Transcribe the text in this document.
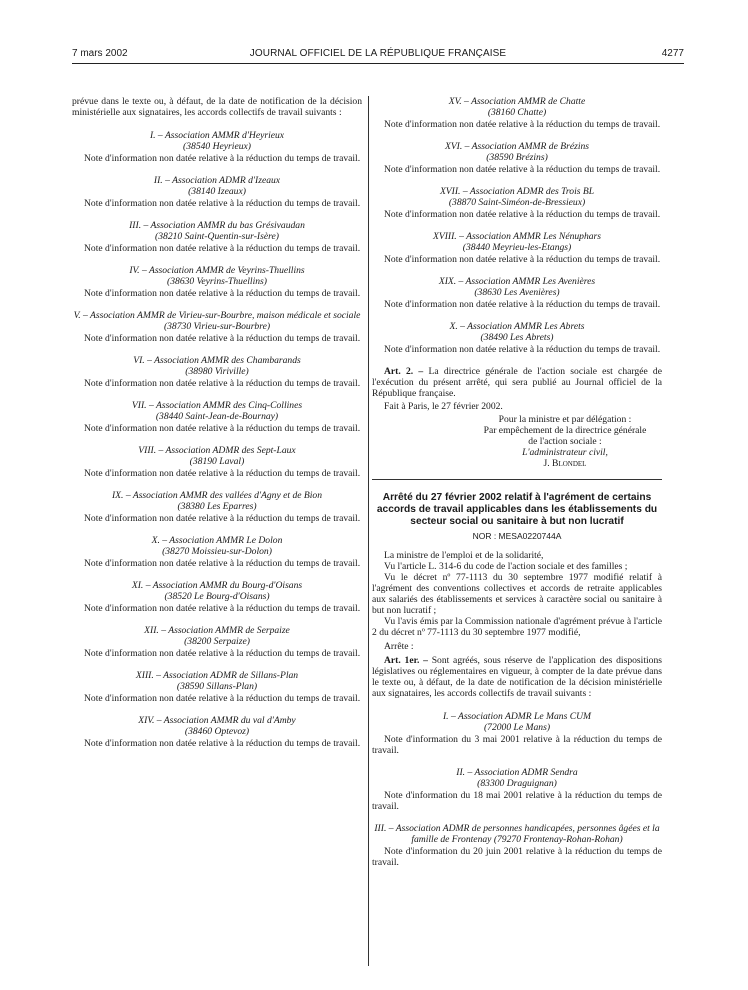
7 mars 2002	JOURNAL OFFICIEL DE LA RÉPUBLIQUE FRANÇAISE	4277

prévue dans le texte ou, à défaut, de la date de notification de la décision ministérielle aux signataires, les accords collectifs de travail suivants :

I. – Association AMMR d'Heyrieux
(38540 Heyrieux)

Note d'information non datée relative à la réduction du temps de travail.

II. – Association ADMR d'Izeaux
(38140 Izeaux)

Note d'information non datée relative à la réduction du temps de travail.

III. – Association AMMR du bas Grésivaudan
(38210 Saint-Quentin-sur-Isère)

Note d'information non datée relative à la réduction du temps de travail.

IV. – Association AMMR de Veyrins-Thuellins
(38630 Veyrins-Thuellins)

Note d'information non datée relative à la réduction du temps de travail.

V. – Association AMMR de Virieu-sur-Bourbre, maison médicale et sociale (38730 Virieu-sur-Bourbre)

Note d'information non datée relative à la réduction du temps de travail.

VI. – Association AMMR des Chambarands
(38980 Viriville)

Note d'information non datée relative à la réduction du temps de travail.

VII. – Association AMMR des Cinq-Collines
(38440 Saint-Jean-de-Bournay)

Note d'information non datée relative à la réduction du temps de travail.

VIII. – Association ADMR des Sept-Laux
(38190 Laval)

Note d'information non datée relative à la réduction du temps de travail.

IX. – Association AMMR des vallées d'Agny et de Bion
(38380 Les Eparres)

Note d'information non datée relative à la réduction du temps de travail.

X. – Association AMMR Le Dolon
(38270 Moissieu-sur-Dolon)

Note d'information non datée relative à la réduction du temps de travail.

XI. – Association AMMR du Bourg-d'Oisans
(38520 Le Bourg-d'Oisans)

Note d'information non datée relative à la réduction du temps de travail.

XII. – Association AMMR de Serpaize
(38200 Serpaize)

Note d'information non datée relative à la réduction du temps de travail.

XIII. – Association ADMR de Sillans-Plan
(38590 Sillans-Plan)

Note d'information non datée relative à la réduction du temps de travail.

XIV. – Association AMMR du val d'Amby
(38460 Optevoz)

Note d'information non datée relative à la réduction du temps de travail.

XV. – Association AMMR de Chatte
(38160 Chatte)

Note d'information non datée relative à la réduction du temps de travail.

XVI. – Association AMMR de Brézins
(38590 Brézins)

Note d'information non datée relative à la réduction du temps de travail.

XVII. – Association ADMR des Trois BL
(38870 Saint-Siméon-de-Bressieux)

Note d'information non datée relative à la réduction du temps de travail.

XVIII. – Association AMMR Les Nénuphars
(38440 Meyrieu-les-Etangs)

Note d'information non datée relative à la réduction du temps de travail.

XIX. – Association AMMR Les Avenières
(38630 Les Avenières)

Note d'information non datée relative à la réduction du temps de travail.

X. – Association AMMR Les Abrets
(38490 Les Abrets)

Note d'information non datée relative à la réduction du temps de travail.

Art. 2. – La directrice générale de l'action sociale est chargée de l'exécution du présent arrêté, qui sera publié au Journal officiel de la République française.

Fait à Paris, le 27 février 2002.

Pour la ministre et par délégation :
Par empêchement de la directrice générale
de l'action sociale :
L'administrateur civil,
J. Blondel
Arrêté du 27 février 2002 relatif à l'agrément de certains accords de travail applicables dans les établissements du secteur social ou sanitaire à but non lucratif
NOR : MESA0220744A

La ministre de l'emploi et de la solidarité,

Vu l'article L. 314-6 du code de l'action sociale et des familles ;

Vu le décret nº 77-1113 du 30 septembre 1977 modifié relatif à l'agrément des conventions collectives et accords de retraite applicables aux salariés des établissements et services à caractère social ou sanitaire à but non lucratif ;

Vu l'avis émis par la Commission nationale d'agrément prévue à l'article 2 du décret nº 77-1113 du 30 septembre 1977 modifié,

Arrête :

Art. 1er. – Sont agréés, sous réserve de l'application des dispositions législatives ou réglementaires en vigueur, à compter de la date prévue dans le texte ou, à défaut, de la date de notification de la décision ministérielle aux signataires, les accords collectifs de travail suivants :

I. – Association ADMR Le Mans CUM
(72000 Le Mans)

Note d'information du 3 mai 2001 relative à la réduction du temps de travail.

II. – Association ADMR Sendra
(83300 Draguignan)

Note d'information du 18 mai 2001 relative à la réduction du temps de travail.

III. – Association ADMR de personnes handicapées, personnes âgées et la famille de Frontenay (79270 Frontenay-Rohan-Rohan)

Note d'information du 20 juin 2001 relative à la réduction du temps de travail.
